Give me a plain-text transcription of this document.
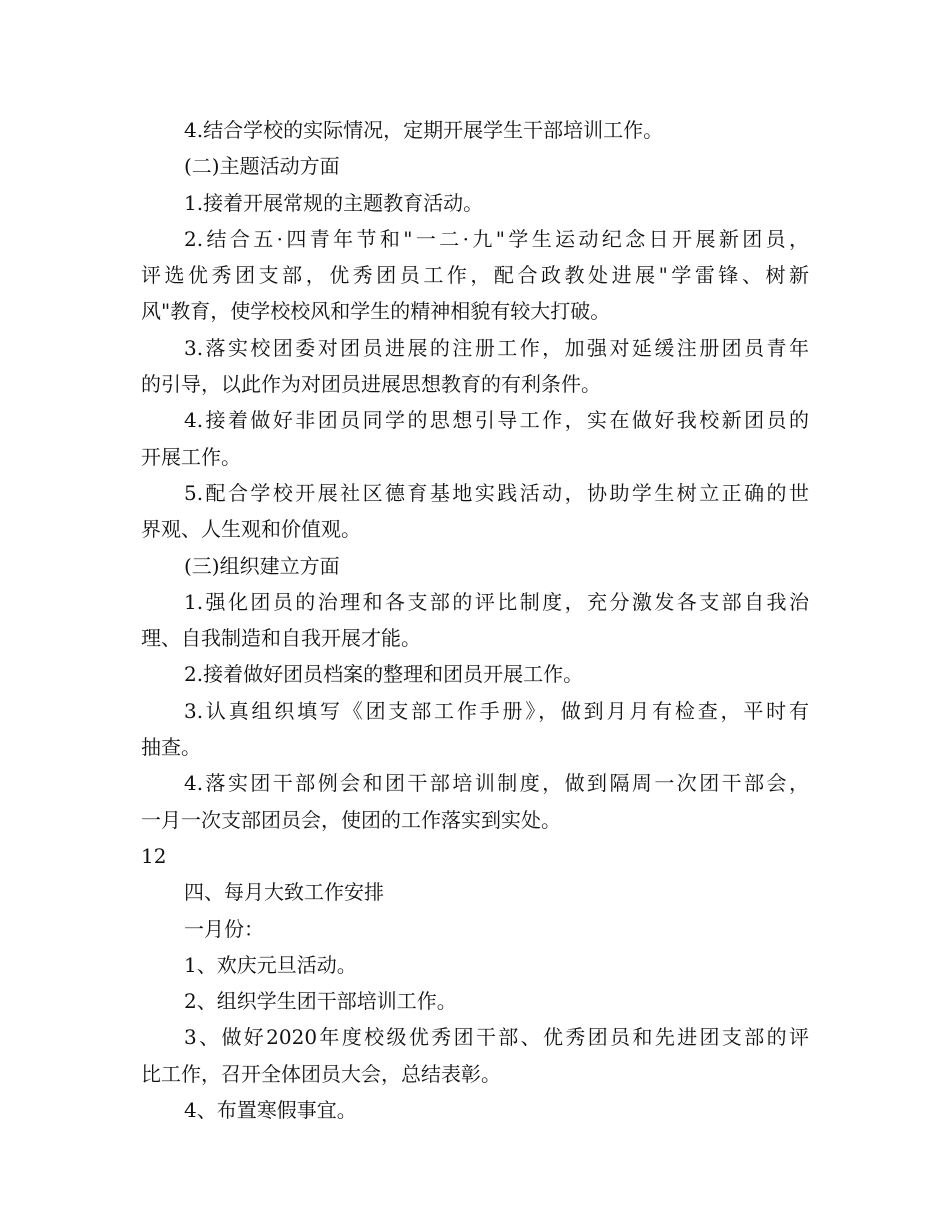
4.结合学校的实际情况，定期开展学生干部培训工作。
(二)主题活动方面
1.接着开展常规的主题教育活动。
2.结合五·四青年节和"一二·九"学生运动纪念日开展新团员，
评选优秀团支部，优秀团员工作，配合政教处进展"学雷锋、树新
风"教育，使学校校风和学生的精神相貌有较大打破。
3.落实校团委对团员进展的注册工作，加强对延缓注册团员青年
的引导，以此作为对团员进展思想教育的有利条件。
4.接着做好非团员同学的思想引导工作，实在做好我校新团员的
开展工作。
5.配合学校开展社区德育基地实践活动，协助学生树立正确的世
界观、人生观和价值观。
(三)组织建立方面
1.强化团员的治理和各支部的评比制度，充分激发各支部自我治
理、自我制造和自我开展才能。
2.接着做好团员档案的整理和团员开展工作。
3.认真组织填写《团支部工作手册》，做到月月有检查，平时有
抽查。
4.落实团干部例会和团干部培训制度，做到隔周一次团干部会，
一月一次支部团员会，使团的工作落实到实处。
12
四、每月大致工作安排
一月份：
1、欢庆元旦活动。
2、组织学生团干部培训工作。
3、做好2020年度校级优秀团干部、优秀团员和先进团支部的评
比工作，召开全体团员大会，总结表彰。
4、布置寒假事宜。
